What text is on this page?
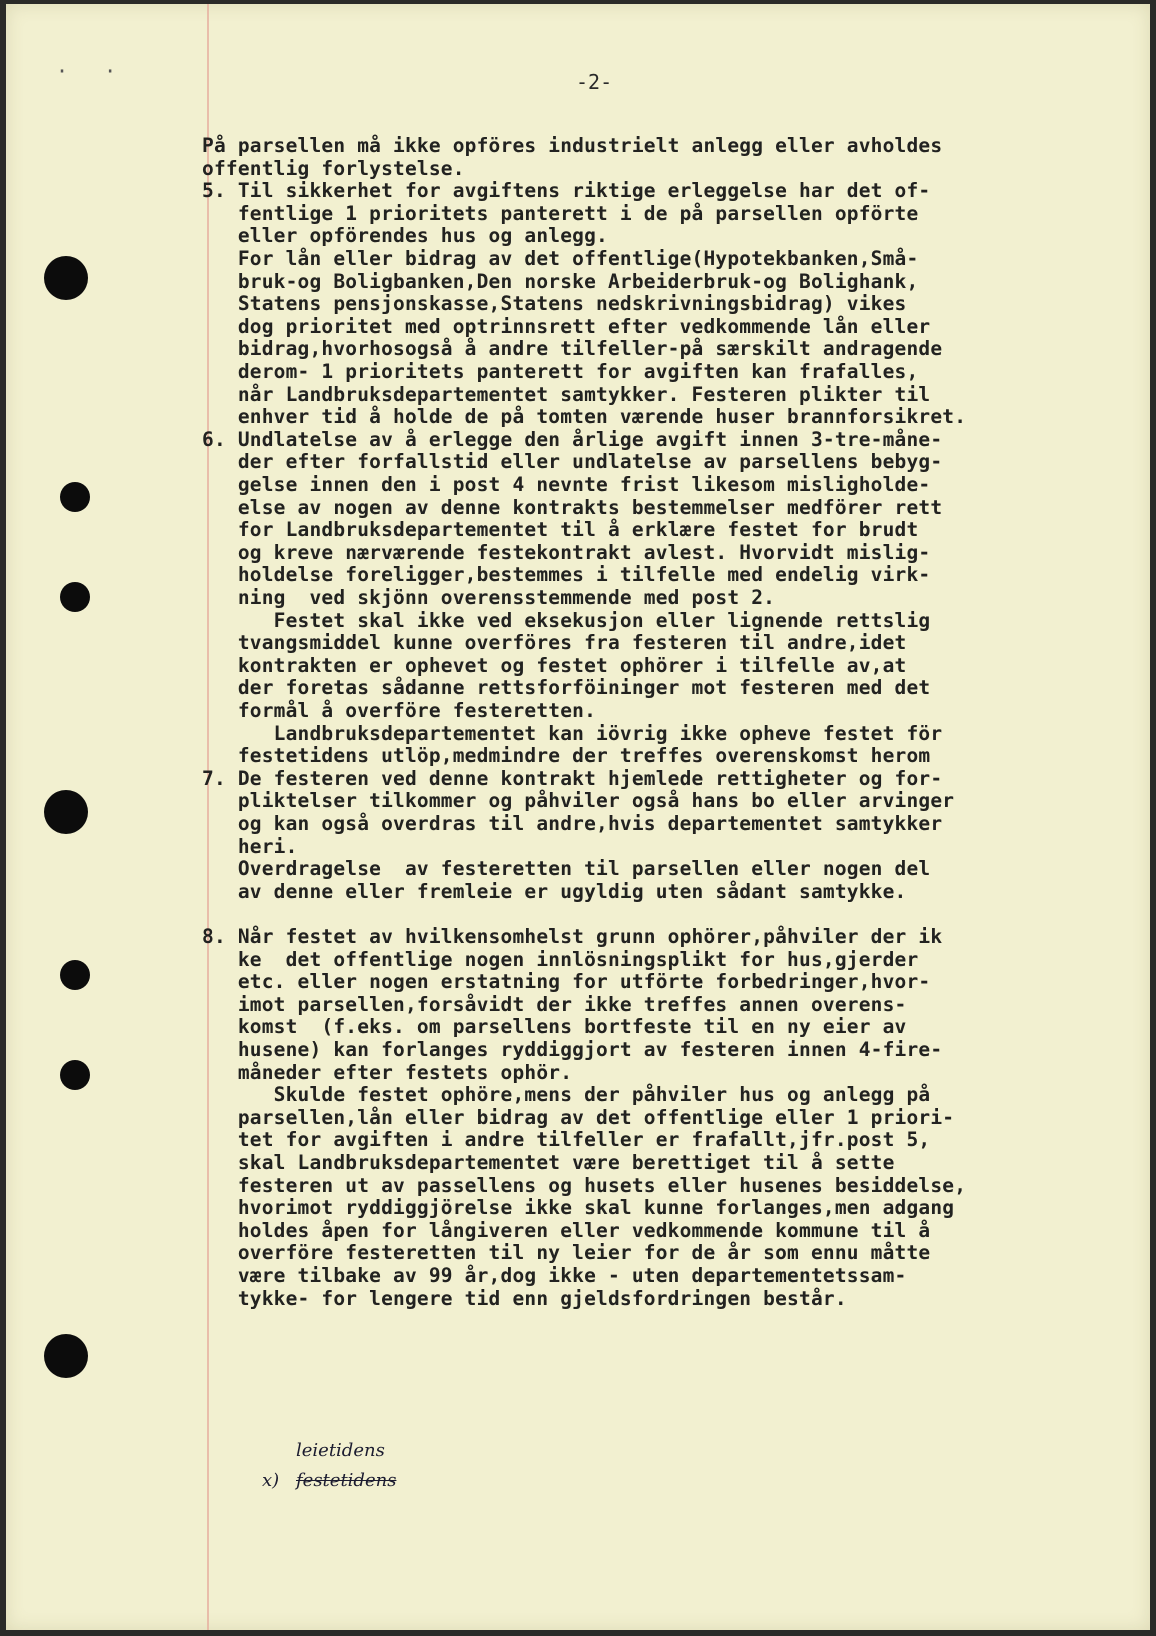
· ·	-2-
På parsellen må ikke opföres industrielt anlegg eller avholdes
offentlig forlystelse.
5. Til sikkerhet for avgiftens riktige erleggelse har det of-
fentlige 1 prioritets panterett i de på parsellen opförte
eller opförendes hus og anlegg.
For lån eller bidrag av det offentlige(Hypotekbanken,Små-
bruk-og Boligbanken,Den norske Arbeiderbruk-og Bolighank,
Statens pensjonskasse,Statens nedskrivningsbidrag) vikes
dog prioritet med optrinnsrett efter vedkommende lån eller
bidrag,hvorhosogså å andre tilfeller-på særskilt andragende
derom- 1 prioritets panterett for avgiften kan frafalles,
når Landbruksdepartementet samtykker. Festeren plikter til
enhver tid å holde de på tomten værende huser brannforsikret.
6. Undlatelse av å erlegge den årlige avgift innen 3-tre-måne-
der efter forfallstid eller undlatelse av parsellens bebyg-
gelse innen den i post 4 nevnte frist likesom misligholde-
else av nogen av denne kontrakts bestemmelser medförer rett
for Landbruksdepartementet til å erklære festet for brudt
og kreve nærværende festekontrakt avlest. Hvorvidt mislig-
holdelse foreligger,bestemmes i tilfelle med endelig virk-
ning  ved skjönn overensstemmende med post 2.
Festet skal ikke ved eksekusjon eller lignende rettslig
tvangsmiddel kunne overföres fra festeren til andre,idet
kontrakten er ophevet og festet ophörer i tilfelle av,at
der foretas sådanne rettsforföininger mot festeren med det
formål å overföre festeretten.
Landbruksdepartementet kan iövrig ikke opheve festet för
festetidens utlöp,medmindre der treffes overenskomst herom
7. De festeren ved denne kontrakt hjemlede rettigheter og for-
pliktelser tilkommer og påhviler også hans bo eller arvinger
og kan også overdras til andre,hvis departementet samtykker
heri.
Overdragelse  av festeretten til parsellen eller nogen del
av denne eller fremleie er ugyldig uten sådant samtykke.
8. Når festet av hvilkensomhelst grunn ophörer,påhviler der ik
ke  det offentlige nogen innlösningsplikt for hus,gjerder
etc. eller nogen erstatning for utförte forbedringer,hvor-
imot parsellen,forsåvidt der ikke treffes annen overens-
komst  (f.eks. om parsellens bortfeste til en ny eier av
husene) kan forlanges ryddiggjort av festeren innen 4-fire-
måneder efter festets ophör.
Skulde festet ophöre,mens der påhviler hus og anlegg på
parsellen,lån eller bidrag av det offentlige eller 1 priori-
tet for avgiften i andre tilfeller er frafallt,jfr.post 5,
skal Landbruksdepartementet være berettiget til å sette
festeren ut av passellens og husets eller husenes besiddelse,
hvorimot ryddiggjörelse ikke skal kunne forlanges,men adgang
holdes åpen for långiveren eller vedkommende kommune til å
overföre festeretten til ny leier for de år som ennu måtte
være tilbake av 99 år,dog ikke - uten departementetssam-
tykke- for lengere tid enn gjeldsfordringen består.
leietidens
x) festetidens
